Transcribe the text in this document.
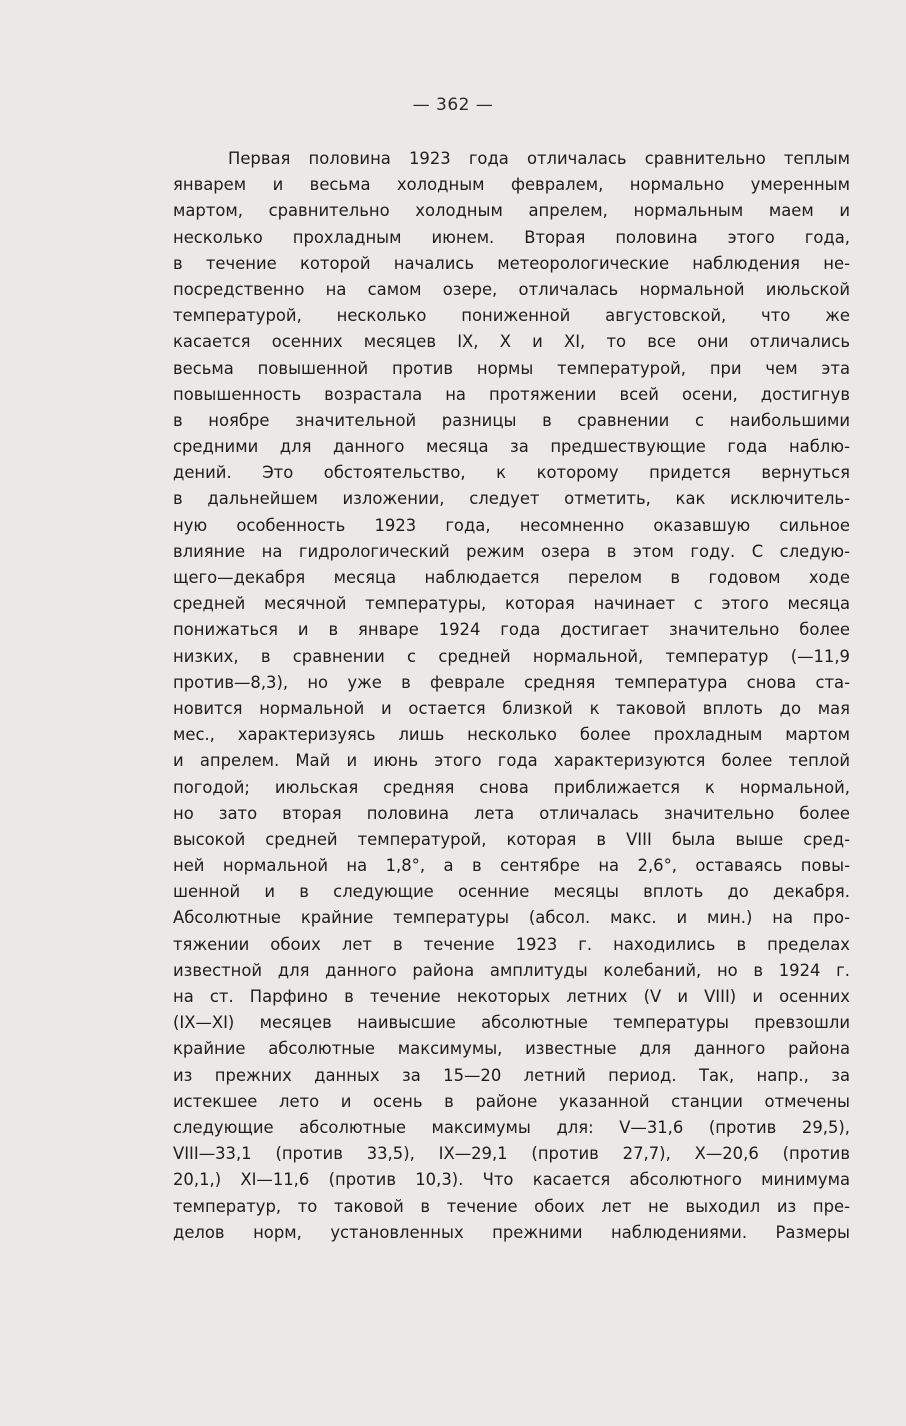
— 362 —
Первая половина 1923 года отличалась сравнительно теплым
январем и весьма холодным февралем, нормально умеренным
мартом, сравнительно холодным апрелем, нормальным маем и
несколько прохладным июнем. Вторая половина этого года,
в течение которой начались метеорологические наблюдения не-
посредственно на самом озере, отличалась нормальной июльской
температурой, несколько пониженной августовской, что же
касается осенних месяцев IX, X и XI, то все они отличались
весьма повышенной против нормы температурой, при чем эта
повышенность возрастала на протяжении всей осени, достигнув
в ноябре значительной разницы в сравнении с наибольшими
средними для данного месяца за предшествующие года наблю-
дений. Это обстоятельство, к которому придется вернуться
в дальнейшем изложении, следует отметить, как исключитель-
ную особенность 1923 года, несомненно оказавшую сильное
влияние на гидрологический режим озера в этом году. С следую-
щего—декабря месяца наблюдается перелом в годовом ходе
средней месячной температуры, которая начинает с этого месяца
понижаться и в январе 1924 года достигает значительно более
низких, в сравнении с средней нормальной, температур (—11,9
против—8,3), но уже в феврале средняя температура снова ста-
новится нормальной и остается близкой к таковой вплоть до мая
мес., характеризуясь лишь несколько более прохладным мартом
и апрелем. Май и июнь этого года характеризуются более теплой
погодой; июльская средняя снова приближается к нормальной,
но зато вторая половина лета отличалась значительно более
высокой средней температурой, которая в VIII была выше сред-
ней нормальной на 1,8°, а в сентябре на 2,6°, оставаясь повы-
шенной и в следующие осенние месяцы вплоть до декабря.
Абсолютные крайние температуры (абсол. макс. и мин.) на про-
тяжении обоих лет в течение 1923 г. находились в пределах
известной для данного района амплитуды колебаний, но в 1924 г.
на ст. Парфино в течение некоторых летних (V и VIII) и осенних
(IX—XI) месяцев наивысшие абсолютные температуры превзошли
крайние абсолютные максимумы, известные для данного района
из прежних данных за 15—20 летний период. Так, напр., за
истекшее лето и осень в районе указанной станции отмечены
следующие абсолютные максимумы для: V—31,6 (против 29,5),
VIII—33,1 (против 33,5), IX—29,1 (против 27,7), X—20,6 (против
20,1,) XI—11,6 (против 10,3). Что касается абсолютного минимума
температур, то таковой в течение обоих лет не выходил из пре-
делов норм, установленных прежними наблюдениями. Размеры
